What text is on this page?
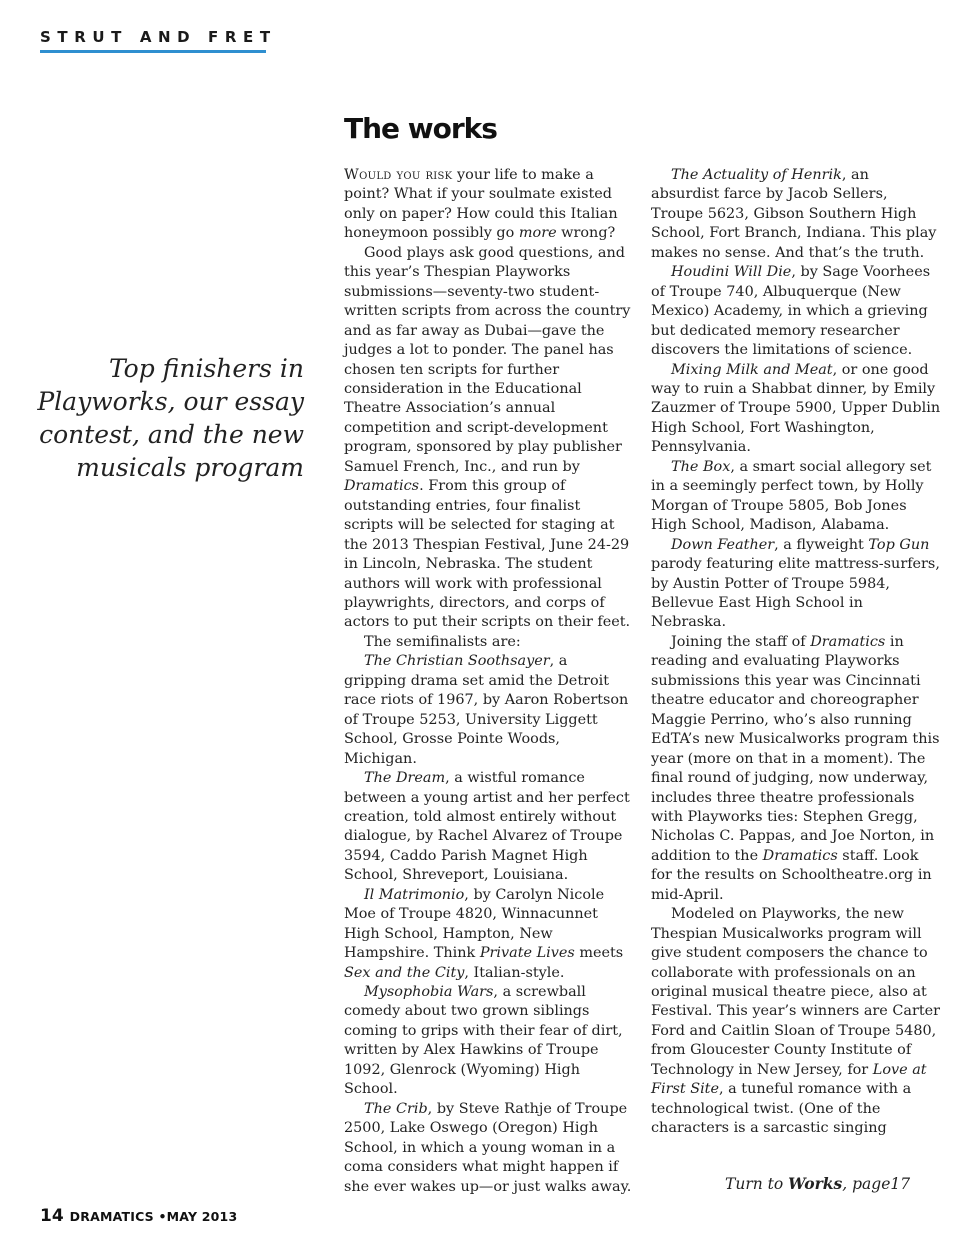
STRUT AND FRET
The works
Top finishers in
Playworks, our essay
contest, and the new
musicals program

Would you risk your life to make a point? What if your soulmate existed only on paper? How could this Italian honeymoon possibly go more wrong?

Good plays ask good questions, and this year’s Thespian Playworks submissions—seventy-two student-written scripts from across the country and as far away as Dubai—gave the judges a lot to ponder. The panel has chosen ten scripts for further consideration in the Educational Theatre Association’s annual competition and script-development program, sponsored by play publisher Samuel French, Inc., and run by Dramatics. From this group of outstanding entries, four finalist scripts will be selected for staging at the 2013 Thespian Festival, June 24-29 in Lincoln, Nebraska. The student authors will work with professional playwrights, directors, and corps of actors to put their scripts on their feet.

The semifinalists are:

The Christian Soothsayer, a gripping drama set amid the Detroit race riots of 1967, by Aaron Robertson of Troupe 5253, University Liggett School, Grosse Pointe Woods, Michigan.

The Dream, a wistful romance between a young artist and her perfect creation, told almost entirely without dialogue, by Rachel Alvarez of Troupe 3594, Caddo Parish Magnet High School, Shreveport, Louisiana.

Il Matrimonio, by Carolyn Nicole Moe of Troupe 4820, Winnacunnet High School, Hampton, New Hampshire. Think Private Lives meets Sex and the City, Italian-style.

Mysophobia Wars, a screwball comedy about two grown siblings coming to grips with their fear of dirt, written by Alex Hawkins of Troupe 1092, Glenrock (Wyoming) High School.

The Crib, by Steve Rathje of Troupe 2500, Lake Oswego (Oregon) High School, in which a young woman in a coma considers what might happen if she ever wakes up—or just walks away.

The Actuality of Henrik, an absurdist farce by Jacob Sellers, Troupe 5623, Gibson Southern High School, Fort Branch, Indiana. This play makes no sense. And that’s the truth.

Houdini Will Die, by Sage Voorhees of Troupe 740, Albuquerque (New Mexico) Academy, in which a grieving but dedicated memory researcher discovers the limitations of science.

Mixing Milk and Meat, or one good way to ruin a Shabbat dinner, by Emily Zauzmer of Troupe 5900, Upper Dublin High School, Fort Washington, Pennsylvania.

The Box, a smart social allegory set in a seemingly perfect town, by Holly Morgan of Troupe 5805, Bob Jones High School, Madison, Alabama.

Down Feather, a flyweight Top Gun parody featuring elite mattress-surfers, by Austin Potter of Troupe 5984, Bellevue East High School in Nebraska.

Joining the staff of Dramatics in reading and evaluating Playworks submissions this year was Cincinnati theatre educator and choreographer Maggie Perrino, who’s also running EdTA’s new Musicalworks program this year (more on that in a moment). The final round of judging, now underway, includes three theatre professionals with Playworks ties: Stephen Gregg, Nicholas C. Pappas, and Joe Norton, in addition to the Dramatics staff. Look for the results on Schooltheatre.org in mid-April.

Modeled on Playworks, the new Thespian Musicalworks program will give student composers the chance to collaborate with professionals on an original musical theatre piece, also at Festival. This year’s winners are Carter Ford and Caitlin Sloan of Troupe 5480, from Gloucester County Institute of Technology in New Jersey, for Love at First Site, a tuneful romance with a technological twist. (One of the characters is a sarcastic singing

Turn to Works, page17
14 DRAMATICS •MAY 2013
